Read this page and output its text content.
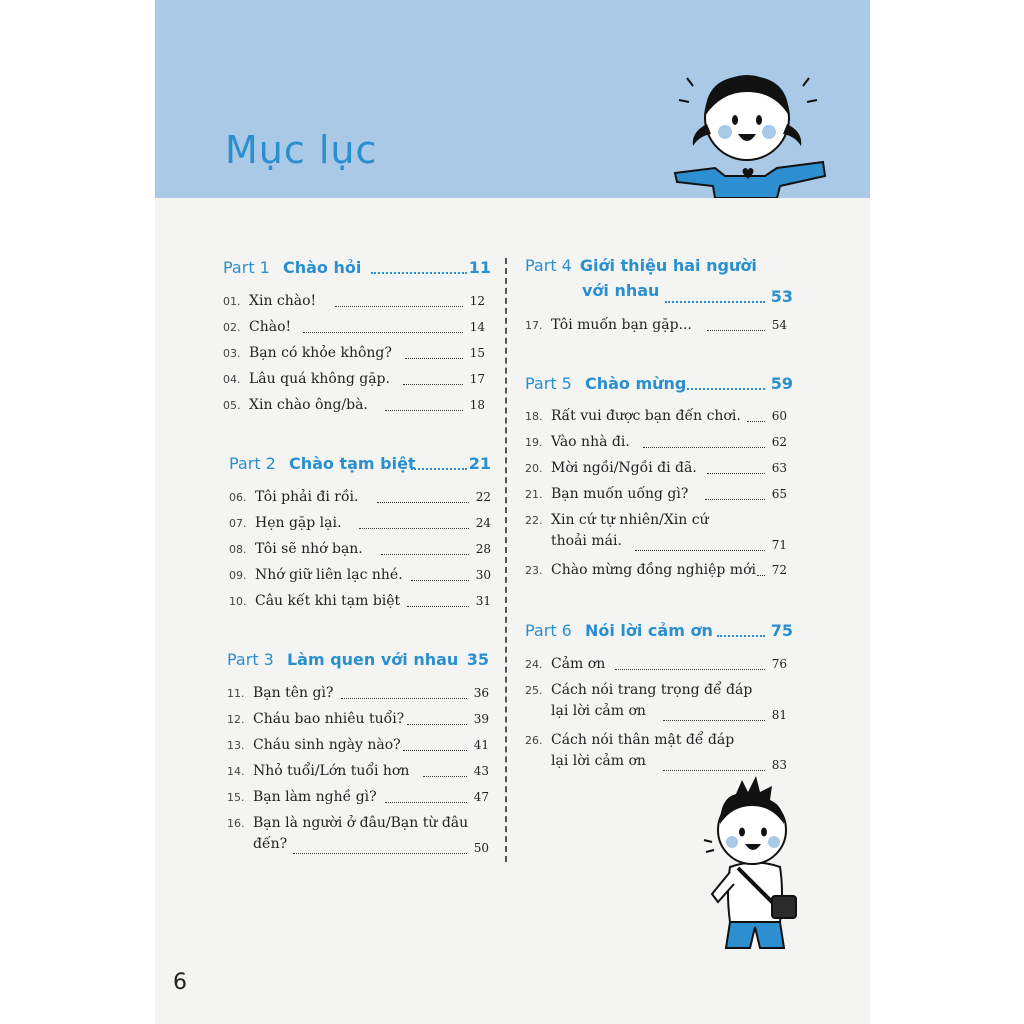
Mục lục
Part 1 Chào hỏi	11
01. Xin chào!	12
02. Chào!	14
03. Bạn có khỏe không?	15
04. Lâu quá không gặp.	17
05. Xin chào ông/bà.	18
Part 2 Chào tạm biệt	21
06. Tôi phải đi rồi.	22
07. Hẹn gặp lại.	24
08. Tôi sẽ nhớ bạn.	28
09. Nhớ giữ liên lạc nhé.	30
10. Câu kết khi tạm biệt	31
Part 3 Làm quen với nhau 35
11. Bạn tên gì?	36
12. Cháu bao nhiêu tuổi?	39
13. Cháu sinh ngày nào?	41
14. Nhỏ tuổi/Lớn tuổi hơn	43
15. Bạn làm nghề gì?	47
16. Bạn là người ở đâu/Bạn từ đâu
đến?	50
Part 4 Giới thiệu hai người
với nhau	53
17. Tôi muốn bạn gặp...	54
Part 5 Chào mừng	59
18. Rất vui được bạn đến chơi.	60
19. Vào nhà đi.	62
20. Mời ngồi/Ngồi đi đã.	63
21. Bạn muốn uống gì?	65
22. Xin cứ tự nhiên/Xin cứ
thoải mái.	71
23. Chào mừng đồng nghiệp mới 72
Part 6 Nói lời cảm ơn	75
24. Cảm ơn	76
25. Cách nói trang trọng để đáp
lại lời cảm ơn	81
26. Cách nói thân mật để đáp
lại lời cảm ơn	83
6
